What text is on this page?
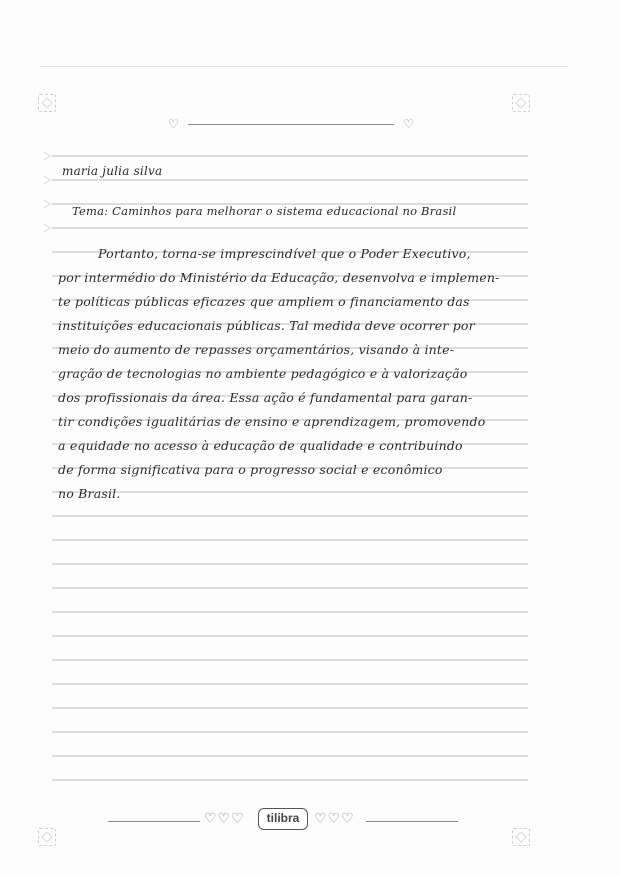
♡	♡
maria julia silva
Tema: Caminhos para melhorar o sistema educacional no Brasil
Portanto, torna-se imprescindível que o Poder Executivo,
por intermédio do Ministério da Educação, desenvolva e implemen-
te políticas públicas eficazes que ampliem o financiamento das
instituições educacionais públicas. Tal medida deve ocorrer por
meio do aumento de repasses orçamentários, visando à inte-
gração de tecnologias no ambiente pedagógico e à valorização
dos profissionais da área. Essa ação é fundamental para garan-
tir condições igualitárias de ensino e aprendizagem, promovendo
a equidade no acesso à educação de qualidade e contribuindo
de forma significativa para o progresso social e econômico
no Brasil.
♡♡♡	tilibra	♡♡♡
